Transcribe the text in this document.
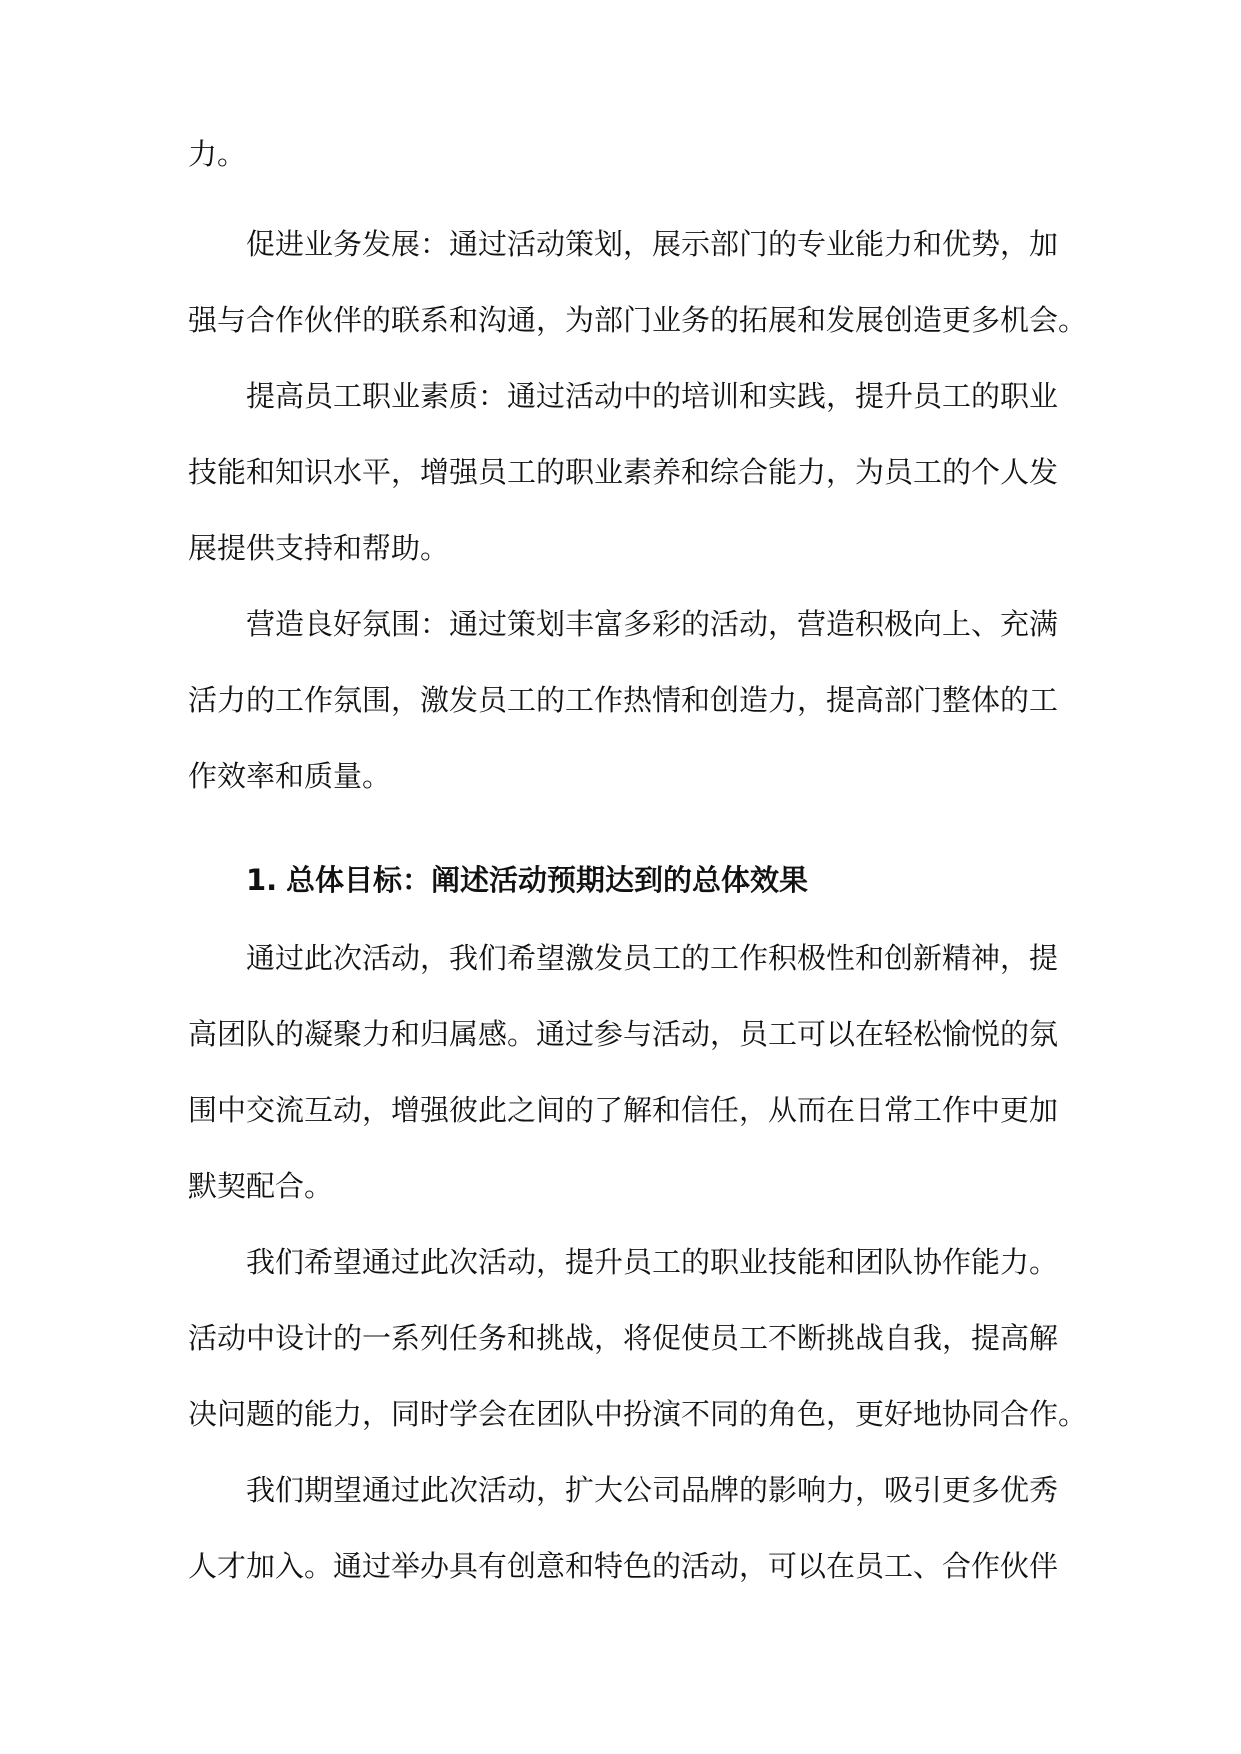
力。

促进业务发展：通过活动策划，展示部门的专业能力和优势，加

强与合作伙伴的联系和沟通，为部门业务的拓展和发展创造更多机会。

提高员工职业素质：通过活动中的培训和实践，提升员工的职业

技能和知识水平，增强员工的职业素养和综合能力，为员工的个人发

展提供支持和帮助。

营造良好氛围：通过策划丰富多彩的活动，营造积极向上、充满

活力的工作氛围，激发员工的工作热情和创造力，提高部门整体的工

作效率和质量。

1. 总体目标：阐述活动预期达到的总体效果

通过此次活动，我们希望激发员工的工作积极性和创新精神，提

高团队的凝聚力和归属感。通过参与活动，员工可以在轻松愉悦的氛

围中交流互动，增强彼此之间的了解和信任，从而在日常工作中更加

默契配合。

我们希望通过此次活动，提升员工的职业技能和团队协作能力。

活动中设计的一系列任务和挑战，将促使员工不断挑战自我，提高解

决问题的能力，同时学会在团队中扮演不同的角色，更好地协同合作。

我们期望通过此次活动，扩大公司品牌的影响力，吸引更多优秀

人才加入。通过举办具有创意和特色的活动，可以在员工、合作伙伴
